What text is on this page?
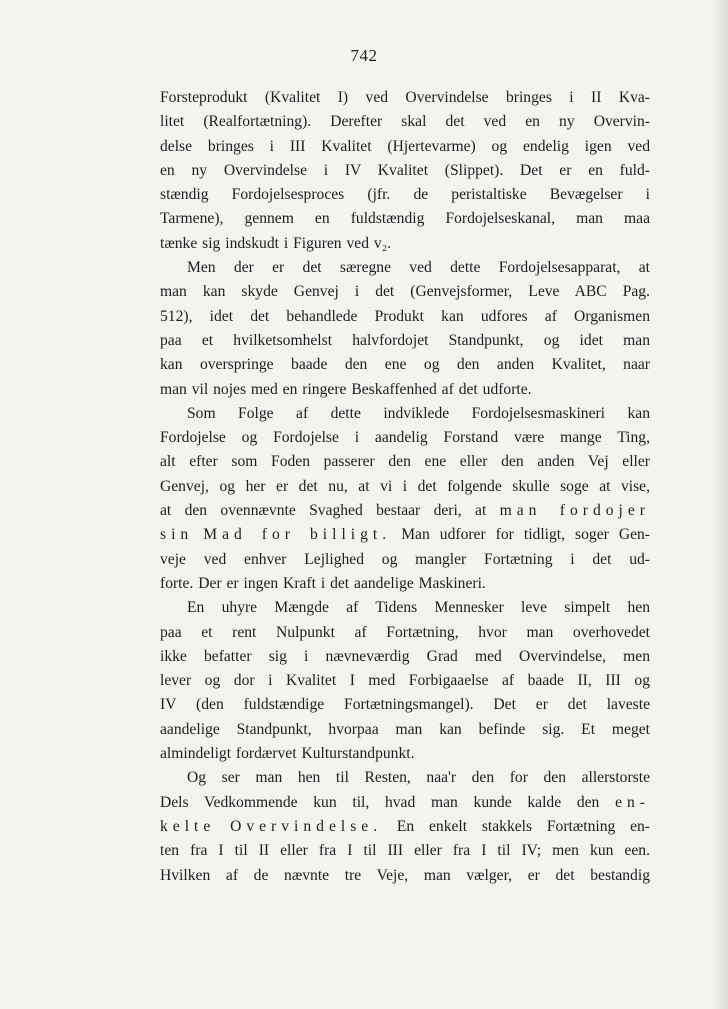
742

Forsteprodukt (Kvalitet I) ved Overvindelse bringes i II Kva-
litet (Realfortætning). Derefter skal det ved en ny Overvin-
delse bringes i III Kvalitet (Hjertevarme) og endelig igen ved
en ny Overvindelse i IV Kvalitet (Slippet). Det er en fuld-
stændig Fordojelsesproces (jfr. de peristaltiske Bevægelser i
Tarmene), gennem en fuldstændig Fordojelseskanal, man maa
tænke sig indskudt i Figuren ved v₂.

Men der er det særegne ved dette Fordojelsesapparat, at
man kan skyde Genvej i det (Genvejsformer, Leve ABC Pag.
512), idet det behandlede Produkt kan udfores af Organismen
paa et hvilketsomhelst halvfordojet Standpunkt, og idet man
kan overspringe baade den ene og den anden Kvalitet, naar
man vil nojes med en ringere Beskaffenhed af det udforte.

Som Folge af dette indviklede Fordojelsesmaskineri kan
Fordojelse og Fordojelse i aandelig Forstand være mange Ting,
alt efter som Foden passerer den ene eller den anden Vej eller
Genvej, og her er det nu, at vi i det folgende skulle soge at vise,
at den ovennævnte Svaghed bestaar deri, at man fordojer
sin Mad for billigt. Man udforer for tidligt, soger Gen-
veje ved enhver Lejlighed og mangler Fortætning i det ud-
forte. Der er ingen Kraft i det aandelige Maskineri.

En uhyre Mængde af Tidens Mennesker leve simpelt hen
paa et rent Nulpunkt af Fortætning, hvor man overhovedet
ikke befatter sig i nævneværdig Grad med Overvindelse, men
lever og dor i Kvalitet I med Forbigaaelse af baade II, III og
IV (den fuldstændige Fortætningsmangel). Det er det laveste
aandelige Standpunkt, hvorpaa man kan befinde sig. Et meget
almindeligt fordærvet Kulturstandpunkt.

Og ser man hen til Resten, naa'r den for den allerstorste
Dels Vedkommende kun til, hvad man kunde kalde den en-
kelte Overvindelse. En enkelt stakkels Fortætning en-
ten fra I til II eller fra I til III eller fra I til IV; men kun een.
Hvilken af de nævnte tre Veje, man vælger, er det bestandig
